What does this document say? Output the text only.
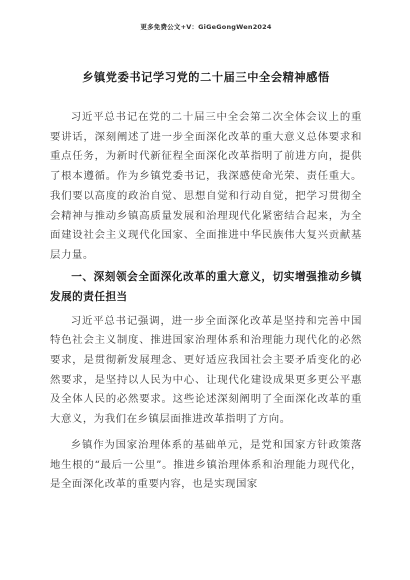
更多免费公文+V：GiGeGongWen2024
乡镇党委书记学习党的二十届三中全会精神感悟

习近平总书记在党的二十届三中全会第二次全体会议上的重要讲话，深刻阐述了进一步全面深化改革的重大意义总体要求和重点任务，为新时代新征程全面深化改革指明了前进方向，提供了根本遵循。作为乡镇党委书记，我深感使命光荣、责任重大。我们要以高度的政治自觉、思想自觉和行动自觉，把学习贯彻全会精神与推动乡镇高质量发展和治理现代化紧密结合起来，为全面建设社会主义现代化国家、全面推进中华民族伟大复兴贡献基层力量。

一、深刻领会全面深化改革的重大意义，切实增强推动乡镇发展的责任担当

习近平总书记强调，进一步全面深化改革是坚持和完善中国特色社会主义制度、推进国家治理体系和治理能力现代化的必然要求，是贯彻新发展理念、更好适应我国社会主要矛盾变化的必然要求，是坚持以人民为中心、让现代化建设成果更多更公平惠及全体人民的必然要求。这些论述深刻阐明了全面深化改革的重大意义，为我们在乡镇层面推进改革指明了方向。

乡镇作为国家治理体系的基础单元，是党和国家方针政策落地生根的“最后一公里”。推进乡镇治理体系和治理能力现代化，是全面深化改革的重要内容，也是实现国家
